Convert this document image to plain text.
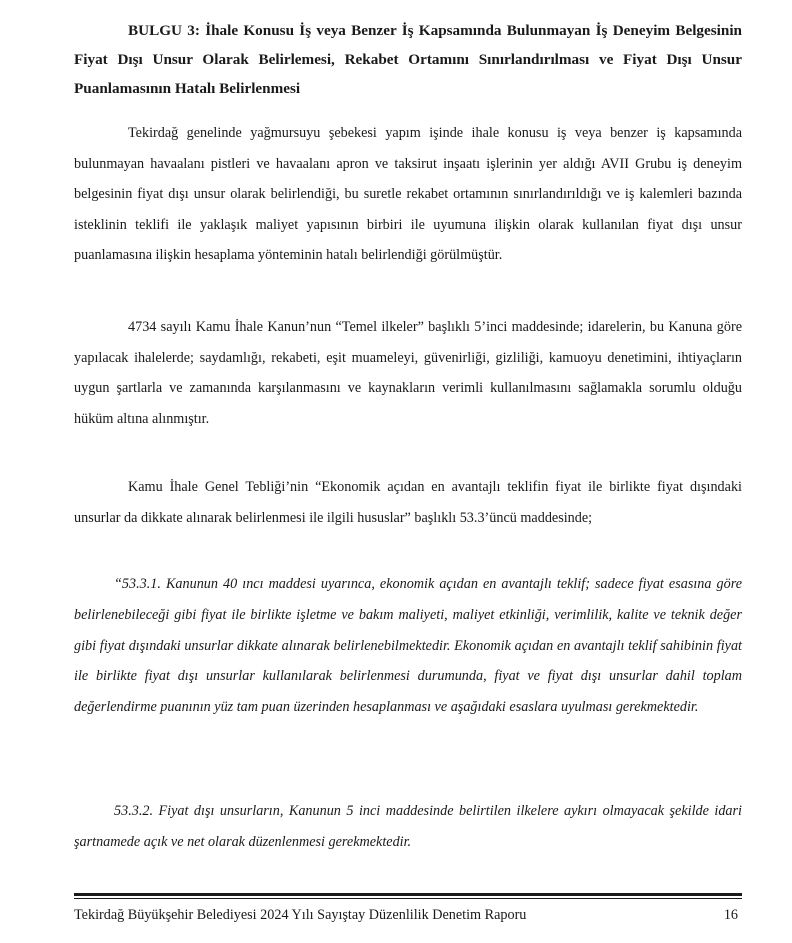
BULGU 3: İhale Konusu İş veya Benzer İş Kapsamında Bulunmayan İş Deneyim Belgesinin Fiyat Dışı Unsur Olarak Belirlemesi, Rekabet Ortamını Sınırlandırılması ve Fiyat Dışı Unsur Puanlamasının Hatalı Belirlenmesi

Tekirdağ genelinde yağmursuyu şebekesi yapım işinde ihale konusu iş veya benzer iş kapsamında bulunmayan havaalanı pistleri ve havaalanı apron ve taksirut inşaatı işlerinin yer aldığı AVII Grubu iş deneyim belgesinin fiyat dışı unsur olarak belirlendiği, bu suretle rekabet ortamının sınırlandırıldığı ve iş kalemleri bazında isteklinin teklifi ile yaklaşık maliyet yapısının birbiri ile uyumuna ilişkin olarak kullanılan fiyat dışı unsur puanlamasına ilişkin hesaplama yönteminin hatalı belirlendiği görülmüştür.

4734 sayılı Kamu İhale Kanun’nun “Temel ilkeler” başlıklı 5’inci maddesinde; idarelerin, bu Kanuna göre yapılacak ihalelerde; saydamlığı, rekabeti, eşit muameleyi, güvenirliği, gizliliği, kamuoyu denetimini, ihtiyaçların uygun şartlarla ve zamanında karşılanmasını ve kaynakların verimli kullanılmasını sağlamakla sorumlu olduğu hüküm altına alınmıştır.

Kamu İhale Genel Tebliği’nin “Ekonomik açıdan en avantajlı teklifin fiyat ile birlikte fiyat dışındaki unsurlar da dikkate alınarak belirlenmesi ile ilgili hususlar” başlıklı 53.3’üncü maddesinde;

“53.3.1. Kanunun 40 ıncı maddesi uyarınca, ekonomik açıdan en avantajlı teklif; sadece fiyat esasına göre belirlenebileceği gibi fiyat ile birlikte işletme ve bakım maliyeti, maliyet etkinliği, verimlilik, kalite ve teknik değer gibi fiyat dışındaki unsurlar dikkate alınarak belirlenebilmektedir. Ekonomik açıdan en avantajlı teklif sahibinin fiyat ile birlikte fiyat dışı unsurlar kullanılarak belirlenmesi durumunda, fiyat ve fiyat dışı unsurlar dahil toplam değerlendirme puanının yüz tam puan üzerinden hesaplanması ve aşağıdaki esaslara uyulması gerekmektedir.

53.3.2. Fiyat dışı unsurların, Kanunun 5 inci maddesinde belirtilen ilkelere aykırı olmayacak şekilde idari şartnamede açık ve net olarak düzenlenmesi gerekmektedir.

Tekirdağ Büyükşehir Belediyesi 2024 Yılı Sayıştay Düzenlilik Denetim Raporu	16
